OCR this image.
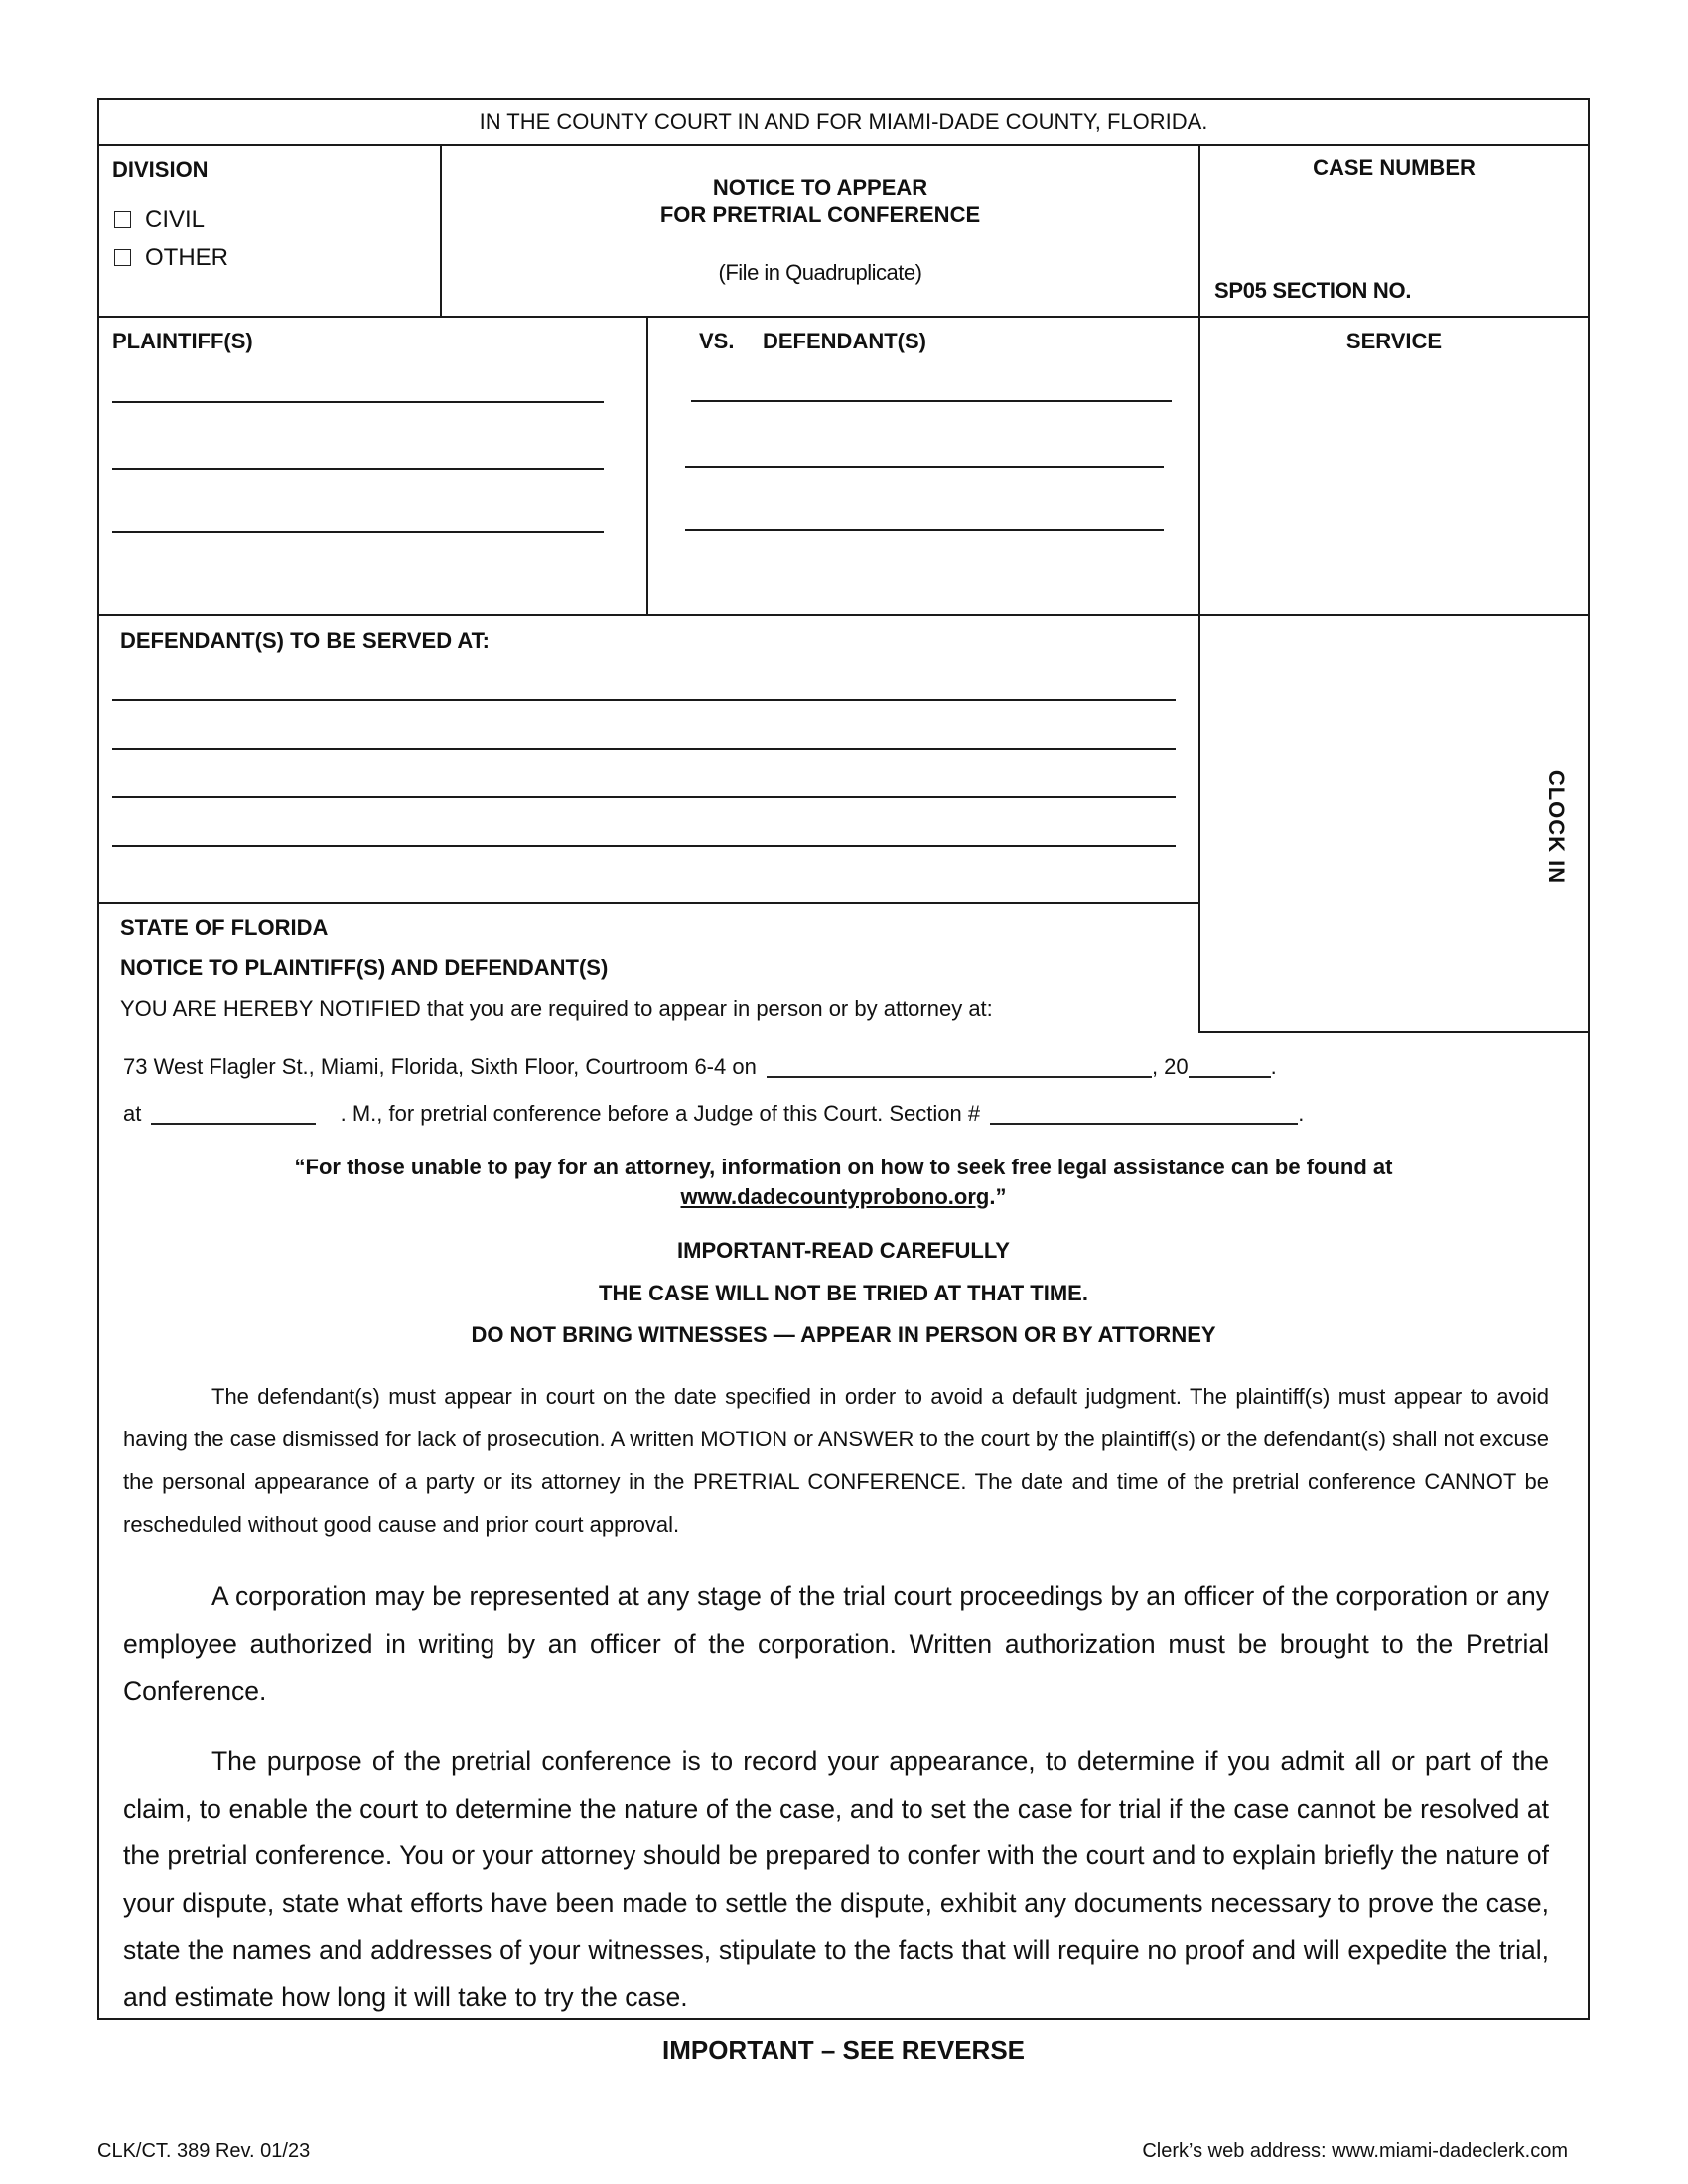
IN THE COUNTY COURT IN AND FOR MIAMI-DADE COUNTY, FLORIDA.
DIVISION
CIVIL
OTHER
NOTICE TO APPEAR
FOR PRETRIAL CONFERENCE
(File in Quadruplicate)
CASE NUMBER
SP05 SECTION NO.
PLAINTIFF(S)	VS. DEFENDANT(S)	SERVICE
DEFENDANT(S) TO BE SERVED AT:
CLOCK IN
STATE OF FLORIDA
NOTICE TO PLAINTIFF(S) AND DEFENDANT(S)
YOU ARE HEREBY NOTIFIED that you are required to appear in person or by attorney at:
73 West Flagler St., Miami, Florida, Sixth Floor, Courtroom 6-4 on	, 20	.
at	. M., for pretrial conference before a Judge of this Court. Section #	.
“For those unable to pay for an attorney, information on how to seek free legal assistance can be found at
www.dadecountyprobono.org.”
IMPORTANT-READ CAREFULLY
THE CASE WILL NOT BE TRIED AT THAT TIME.
DO NOT BRING WITNESSES — APPEAR IN PERSON OR BY ATTORNEY
The defendant(s) must appear in court on the date specified in order to avoid a default judgment. The plaintiff(s) must appear to avoid having the case dismissed for lack of prosecution. A written MOTION or ANSWER to the court by the plaintiff(s) or the defendant(s) shall not excuse the personal appearance of a party or its attorney in the PRETRIAL CONFERENCE. The date and time of the pretrial conference CANNOT be rescheduled without good cause and prior court approval.
A corporation may be represented at any stage of the trial court proceedings by an officer of the corporation or any employee authorized in writing by an officer of the corporation. Written authorization must be brought to the Pretrial Conference.
The purpose of the pretrial conference is to record your appearance, to determine if you admit all or part of the claim, to enable the court to determine the nature of the case, and to set the case for trial if the case cannot be resolved at the pretrial conference. You or your attorney should be prepared to confer with the court and to explain briefly the nature of your dispute, state what efforts have been made to settle the dispute, exhibit any documents necessary to prove the case, state the names and addresses of your witnesses, stipulate to the facts that will require no proof and will expedite the trial, and estimate how long it will take to try the case.
IMPORTANT – SEE REVERSE
CLK/CT. 389 Rev. 01/23	Clerk’s web address: www.miami-dadeclerk.com
